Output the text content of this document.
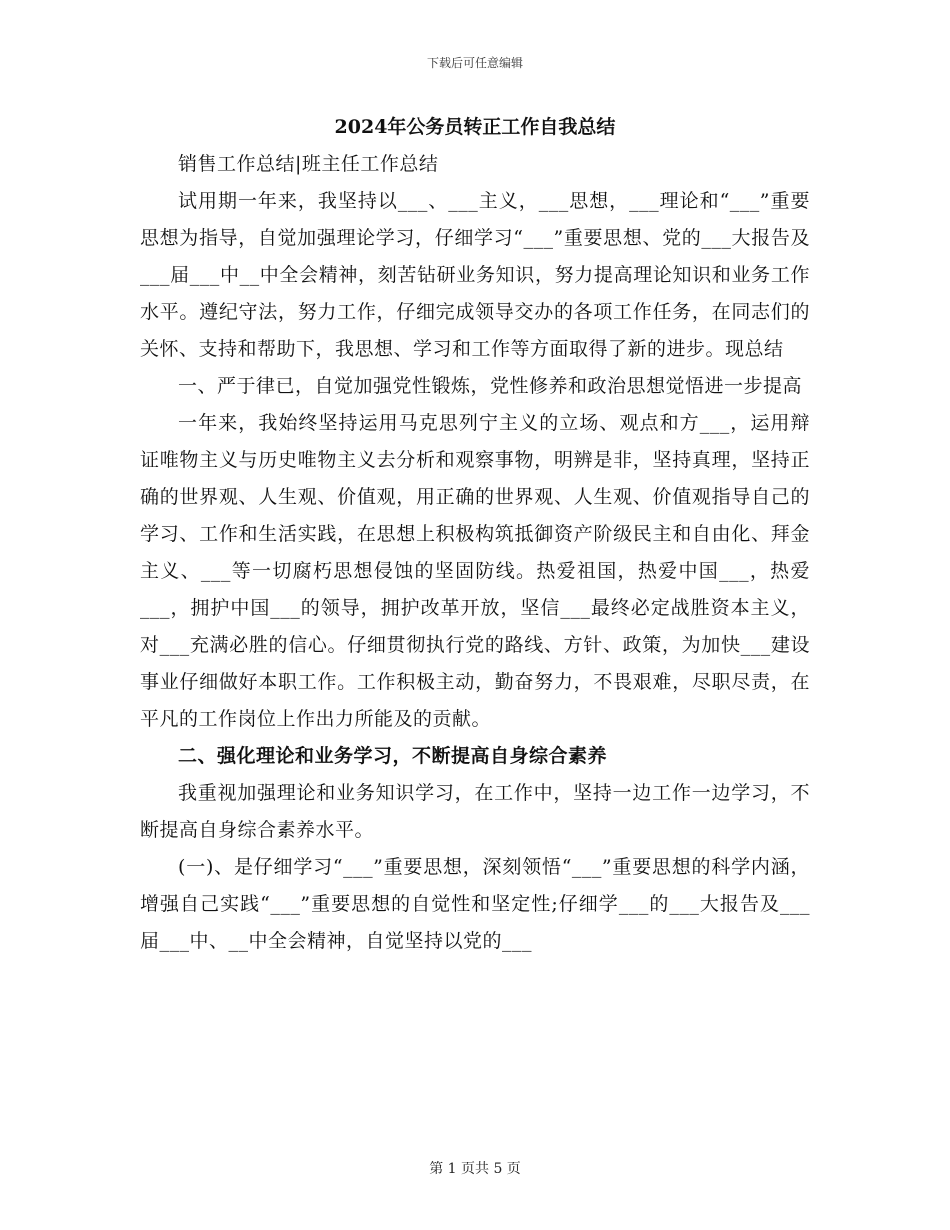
下载后可任意编辑
2024年公务员转正工作自我总结

销售工作总结|班主任工作总结

试用期一年来，我坚持以___、___主义，___思想，___理论和“___”重要思想为指导，自觉加强理论学习，仔细学习“___”重要思想、党的___大报告及___届___中__中全会精神，刻苦钻研业务知识，努力提高理论知识和业务工作水平。遵纪守法，努力工作，仔细完成领导交办的各项工作任务，在同志们的关怀、支持和帮助下，我思想、学习和工作等方面取得了新的进步。现总结

一、严于律已，自觉加强党性锻炼，党性修养和政治思想觉悟进一步提高

一年来，我始终坚持运用马克思列宁主义的立场、观点和方___，运用辩证唯物主义与历史唯物主义去分析和观察事物，明辨是非，坚持真理，坚持正确的世界观、人生观、价值观，用正确的世界观、人生观、价值观指导自己的学习、工作和生活实践，在思想上积极构筑抵御资产阶级民主和自由化、拜金主义、___等一切腐朽思想侵蚀的坚固防线。热爱祖国，热爱中国___，热爱___，拥护中国___的领导，拥护改革开放，坚信___最终必定战胜资本主义，对___充满必胜的信心。仔细贯彻执行党的路线、方针、政策，为加快___建设事业仔细做好本职工作。工作积极主动，勤奋努力，不畏艰难，尽职尽责，在平凡的工作岗位上作出力所能及的贡献。

二、强化理论和业务学习，不断提高自身综合素养

我重视加强理论和业务知识学习，在工作中，坚持一边工作一边学习，不断提高自身综合素养水平。

(一)、是仔细学习“___”重要思想，深刻领悟“___”重要思想的科学内涵，增强自己实践“___”重要思想的自觉性和坚定性;仔细学___的___大报告及___届___中、__中全会精神，自觉坚持以党的___

第 1 页共 5 页
